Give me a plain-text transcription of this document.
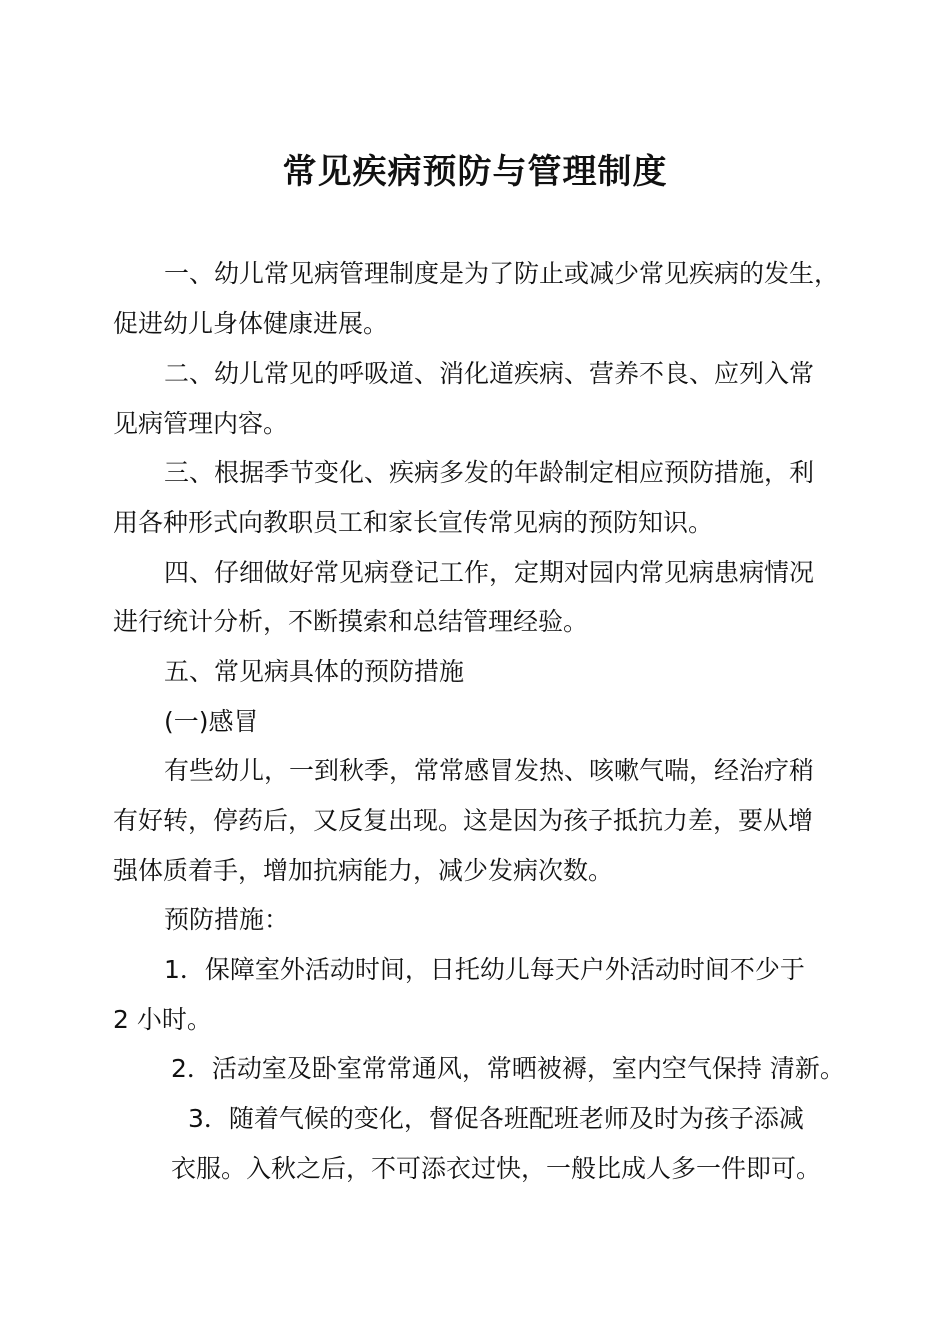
常见疾病预防与管理制度
一、幼儿常见病管理制度是为了防止或减少常见疾病的发生，
促进幼儿身体健康进展。
二、幼儿常见的呼吸道、消化道疾病、营养不良、应列入常
见病管理内容。
三、根据季节变化、疾病多发的年龄制定相应预防措施，利
用各种形式向教职员工和家长宣传常见病的预防知识。
四、仔细做好常见病登记工作，定期对园内常见病患病情况
进行统计分析，不断摸索和总结管理经验。
五、常见病具体的预防措施
(一)感冒
有些幼儿，一到秋季，常常感冒发热、咳嗽气喘，经治疗稍
有好转，停药后，又反复出现。这是因为孩子抵抗力差，要从增
强体质着手，增加抗病能力，减少发病次数。
预防措施：
1．保障室外活动时间，日托幼儿每天户外活动时间不少于
2 小时。
2．活动室及卧室常常通风，常晒被褥，室内空气保持 清新。
3．随着气候的变化，督促各班配班老师及时为孩子添减
衣服。入秋之后，不可添衣过快，一般比成人多一件即可。
